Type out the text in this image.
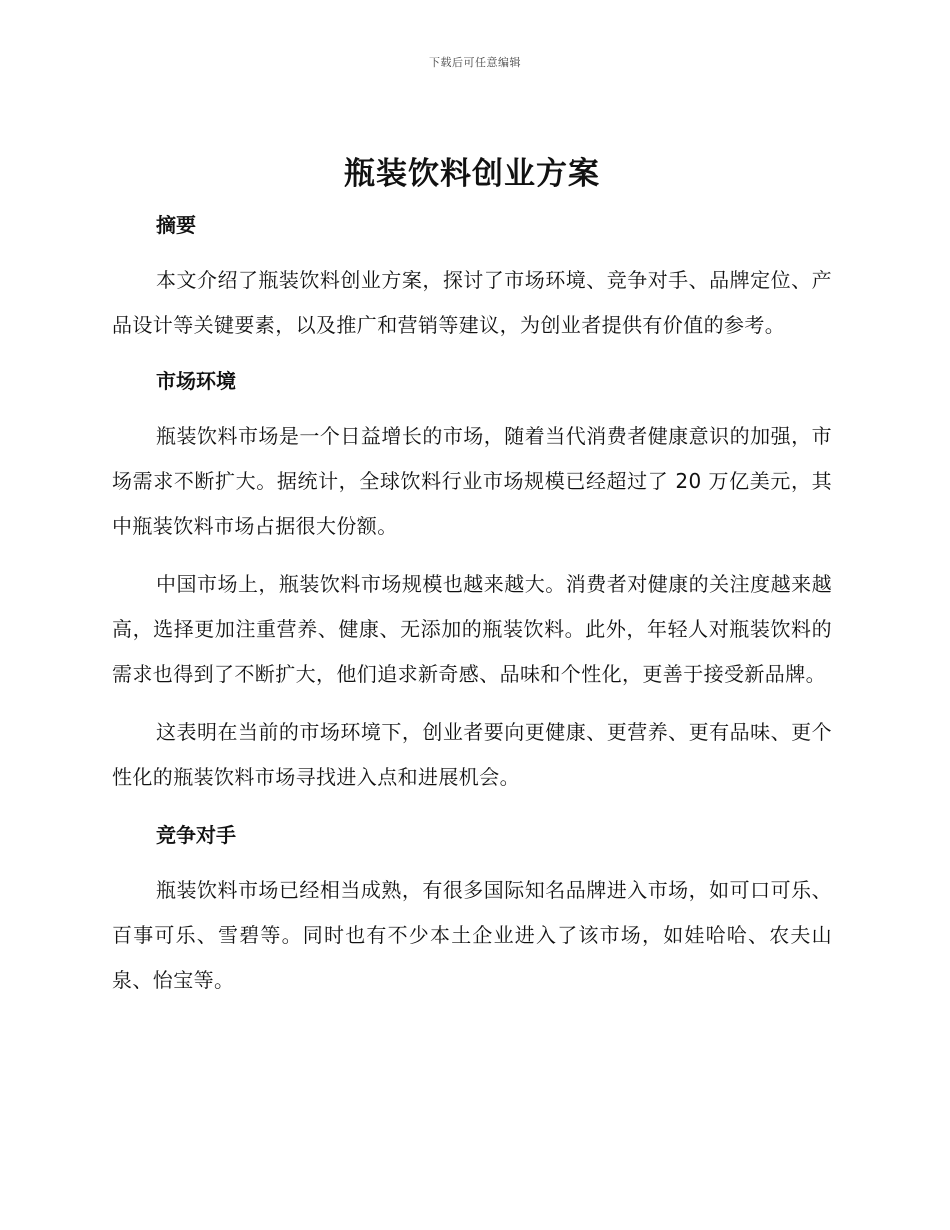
下载后可任意编辑
瓶装饮料创业方案
摘要

本文介绍了瓶装饮料创业方案，探讨了市场环境、竞争对手、品牌定位、产品设计等关键要素，以及推广和营销等建议，为创业者提供有价值的参考。

市场环境

瓶装饮料市场是一个日益增长的市场，随着当代消费者健康意识的加强，市场需求不断扩大。据统计，全球饮料行业市场规模已经超过了 20 万亿美元，其中瓶装饮料市场占据很大份额。

中国市场上，瓶装饮料市场规模也越来越大。消费者对健康的关注度越来越高，选择更加注重营养、健康、无添加的瓶装饮料。此外，年轻人对瓶装饮料的需求也得到了不断扩大，他们追求新奇感、品味和个性化，更善于接受新品牌。

这表明在当前的市场环境下，创业者要向更健康、更营养、更有品味、更个性化的瓶装饮料市场寻找进入点和进展机会。

竞争对手

瓶装饮料市场已经相当成熟，有很多国际知名品牌进入市场，如可口可乐、百事可乐、雪碧等。同时也有不少本土企业进入了该市场，如娃哈哈、农夫山泉、怡宝等。
